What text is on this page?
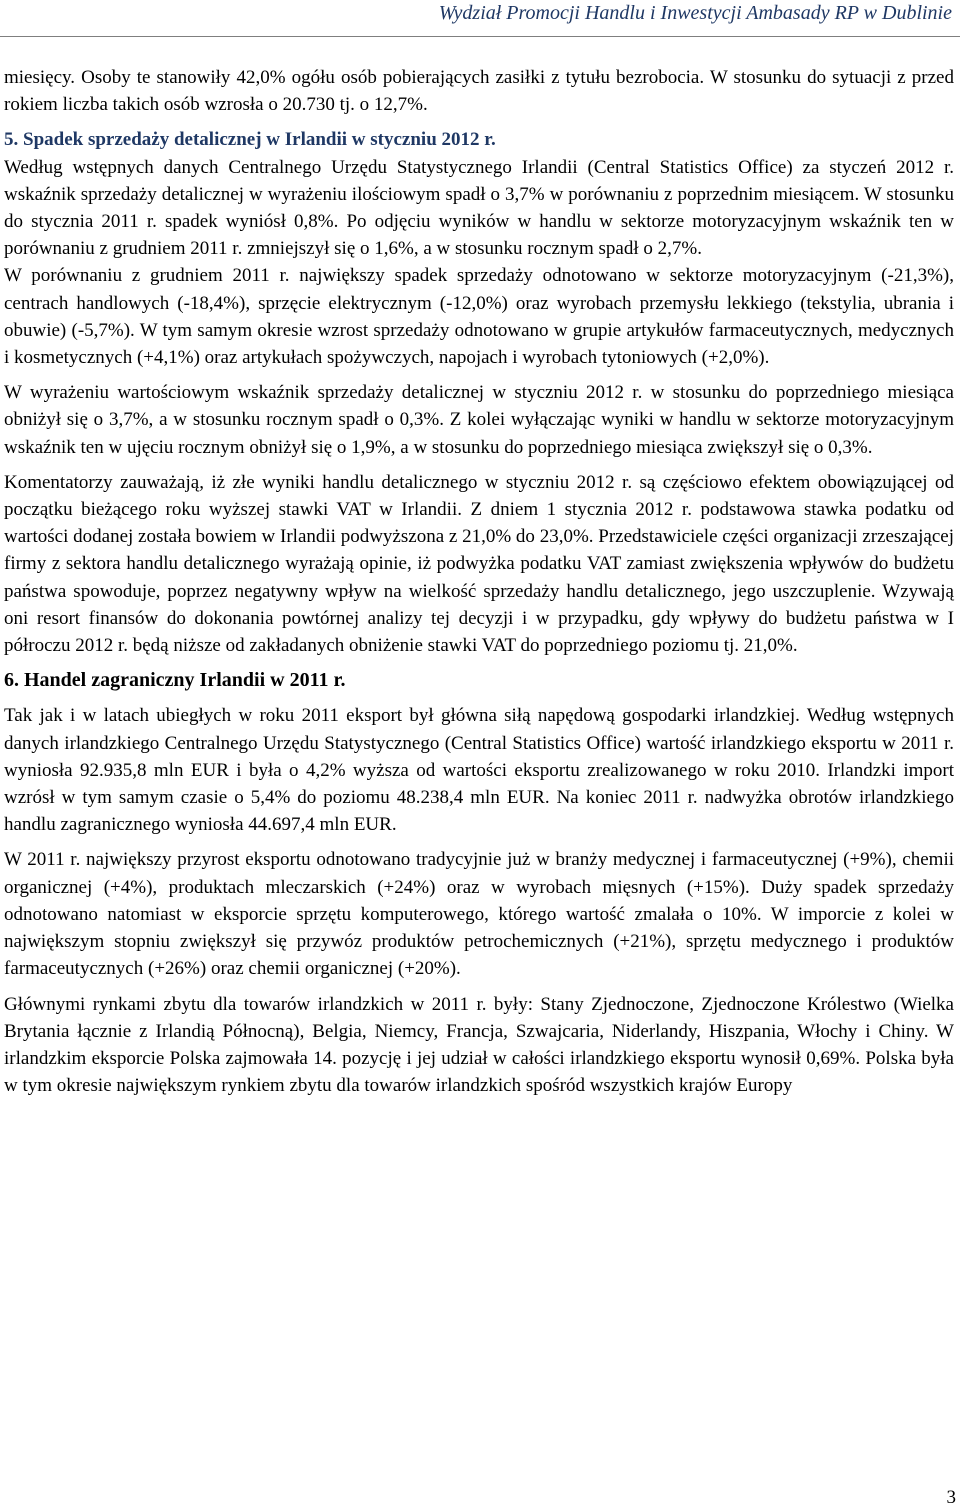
Wydział Promocji Handlu i Inwestycji Ambasady RP w Dublinie

miesięcy. Osoby te stanowiły 42,0% ogółu osób pobierających zasiłki z tytułu bezrobocia. W stosunku do sytuacji z przed rokiem liczba takich osób wzrosła o 20.730 tj. o 12,7%.

5. Spadek sprzedaży detalicznej w Irlandii w styczniu 2012 r.

Według wstępnych danych Centralnego Urzędu Statystycznego Irlandii (Central Statistics Office) za styczeń 2012 r. wskaźnik sprzedaży detalicznej w wyrażeniu ilościowym spadł o 3,7% w porównaniu z poprzednim miesiącem. W stosunku do stycznia 2011 r. spadek wyniósł 0,8%. Po odjęciu wyników w handlu w sektorze motoryzacyjnym wskaźnik ten w porównaniu z grudniem 2011 r. zmniejszył się o 1,6%, a w stosunku rocznym spadł o 2,7%.

W porównaniu z grudniem 2011 r. największy spadek sprzedaży odnotowano w sektorze motoryzacyjnym (-21,3%), centrach handlowych (-18,4%), sprzęcie elektrycznym (-12,0%) oraz wyrobach przemysłu lekkiego (tekstylia, ubrania i obuwie) (-5,7%). W tym samym okresie wzrost sprzedaży odnotowano w grupie artykułów farmaceutycznych, medycznych i kosmetycznych (+4,1%) oraz artykułach spożywczych, napojach i wyrobach tytoniowych (+2,0%).

W wyrażeniu wartościowym wskaźnik sprzedaży detalicznej w styczniu 2012 r. w stosunku do poprzedniego miesiąca obniżył się o 3,7%, a w stosunku rocznym spadł o 0,3%. Z kolei wyłączając wyniki w handlu w sektorze motoryzacyjnym wskaźnik ten w ujęciu rocznym obniżył się o 1,9%, a w stosunku do poprzedniego miesiąca zwiększył się o 0,3%.

Komentatorzy zauważają, iż złe wyniki handlu detalicznego w styczniu 2012 r. są częściowo efektem obowiązującej od początku bieżącego roku wyższej stawki VAT w Irlandii. Z dniem 1 stycznia 2012 r. podstawowa stawka podatku od wartości dodanej została bowiem w Irlandii podwyższona z 21,0% do 23,0%. Przedstawiciele części organizacji zrzeszającej firmy z sektora handlu detalicznego wyrażają opinie, iż podwyżka podatku VAT zamiast zwiększenia wpływów do budżetu państwa spowoduje, poprzez negatywny wpływ na wielkość sprzedaży handlu detalicznego, jego uszczuplenie. Wzywają oni resort finansów do dokonania powtórnej analizy tej decyzji i w przypadku, gdy wpływy do budżetu państwa w I półroczu 2012 r. będą niższe od zakładanych obniżenie stawki VAT do poprzedniego poziomu tj. 21,0%.

6. Handel zagraniczny Irlandii w 2011 r.

Tak jak i w latach ubiegłych w roku 2011 eksport był główna siłą napędową gospodarki irlandzkiej. Według wstępnych danych irlandzkiego Centralnego Urzędu Statystycznego (Central Statistics Office) wartość irlandzkiego eksportu w 2011 r. wyniosła 92.935,8 mln EUR i była o 4,2% wyższa od wartości eksportu zrealizowanego w roku 2010. Irlandzki import wzrósł w tym samym czasie o 5,4% do poziomu 48.238,4 mln EUR. Na koniec 2011 r. nadwyżka obrotów irlandzkiego handlu zagranicznego wyniosła 44.697,4 mln EUR.

W 2011 r. największy przyrost eksportu odnotowano tradycyjnie już w branży medycznej i farmaceutycznej (+9%), chemii organicznej (+4%), produktach mleczarskich (+24%) oraz w wyrobach mięsnych (+15%). Duży spadek sprzedaży odnotowano natomiast w eksporcie sprzętu komputerowego, którego wartość zmalała o 10%. W imporcie z kolei w największym stopniu zwiększył się przywóz produktów petrochemicznych (+21%), sprzętu medycznego i produktów farmaceutycznych (+26%) oraz chemii organicznej (+20%).

Głównymi rynkami zbytu dla towarów irlandzkich w 2011 r. były: Stany Zjednoczone, Zjednoczone Królestwo (Wielka Brytania łącznie z Irlandią Północną), Belgia, Niemcy, Francja, Szwajcaria, Niderlandy, Hiszpania, Włochy i Chiny. W irlandzkim eksporcie Polska zajmowała 14. pozycję i jej udział w całości irlandzkiego eksportu wynosił 0,69%. Polska była w tym okresie największym rynkiem zbytu dla towarów irlandzkich spośród wszystkich krajów Europy

3
